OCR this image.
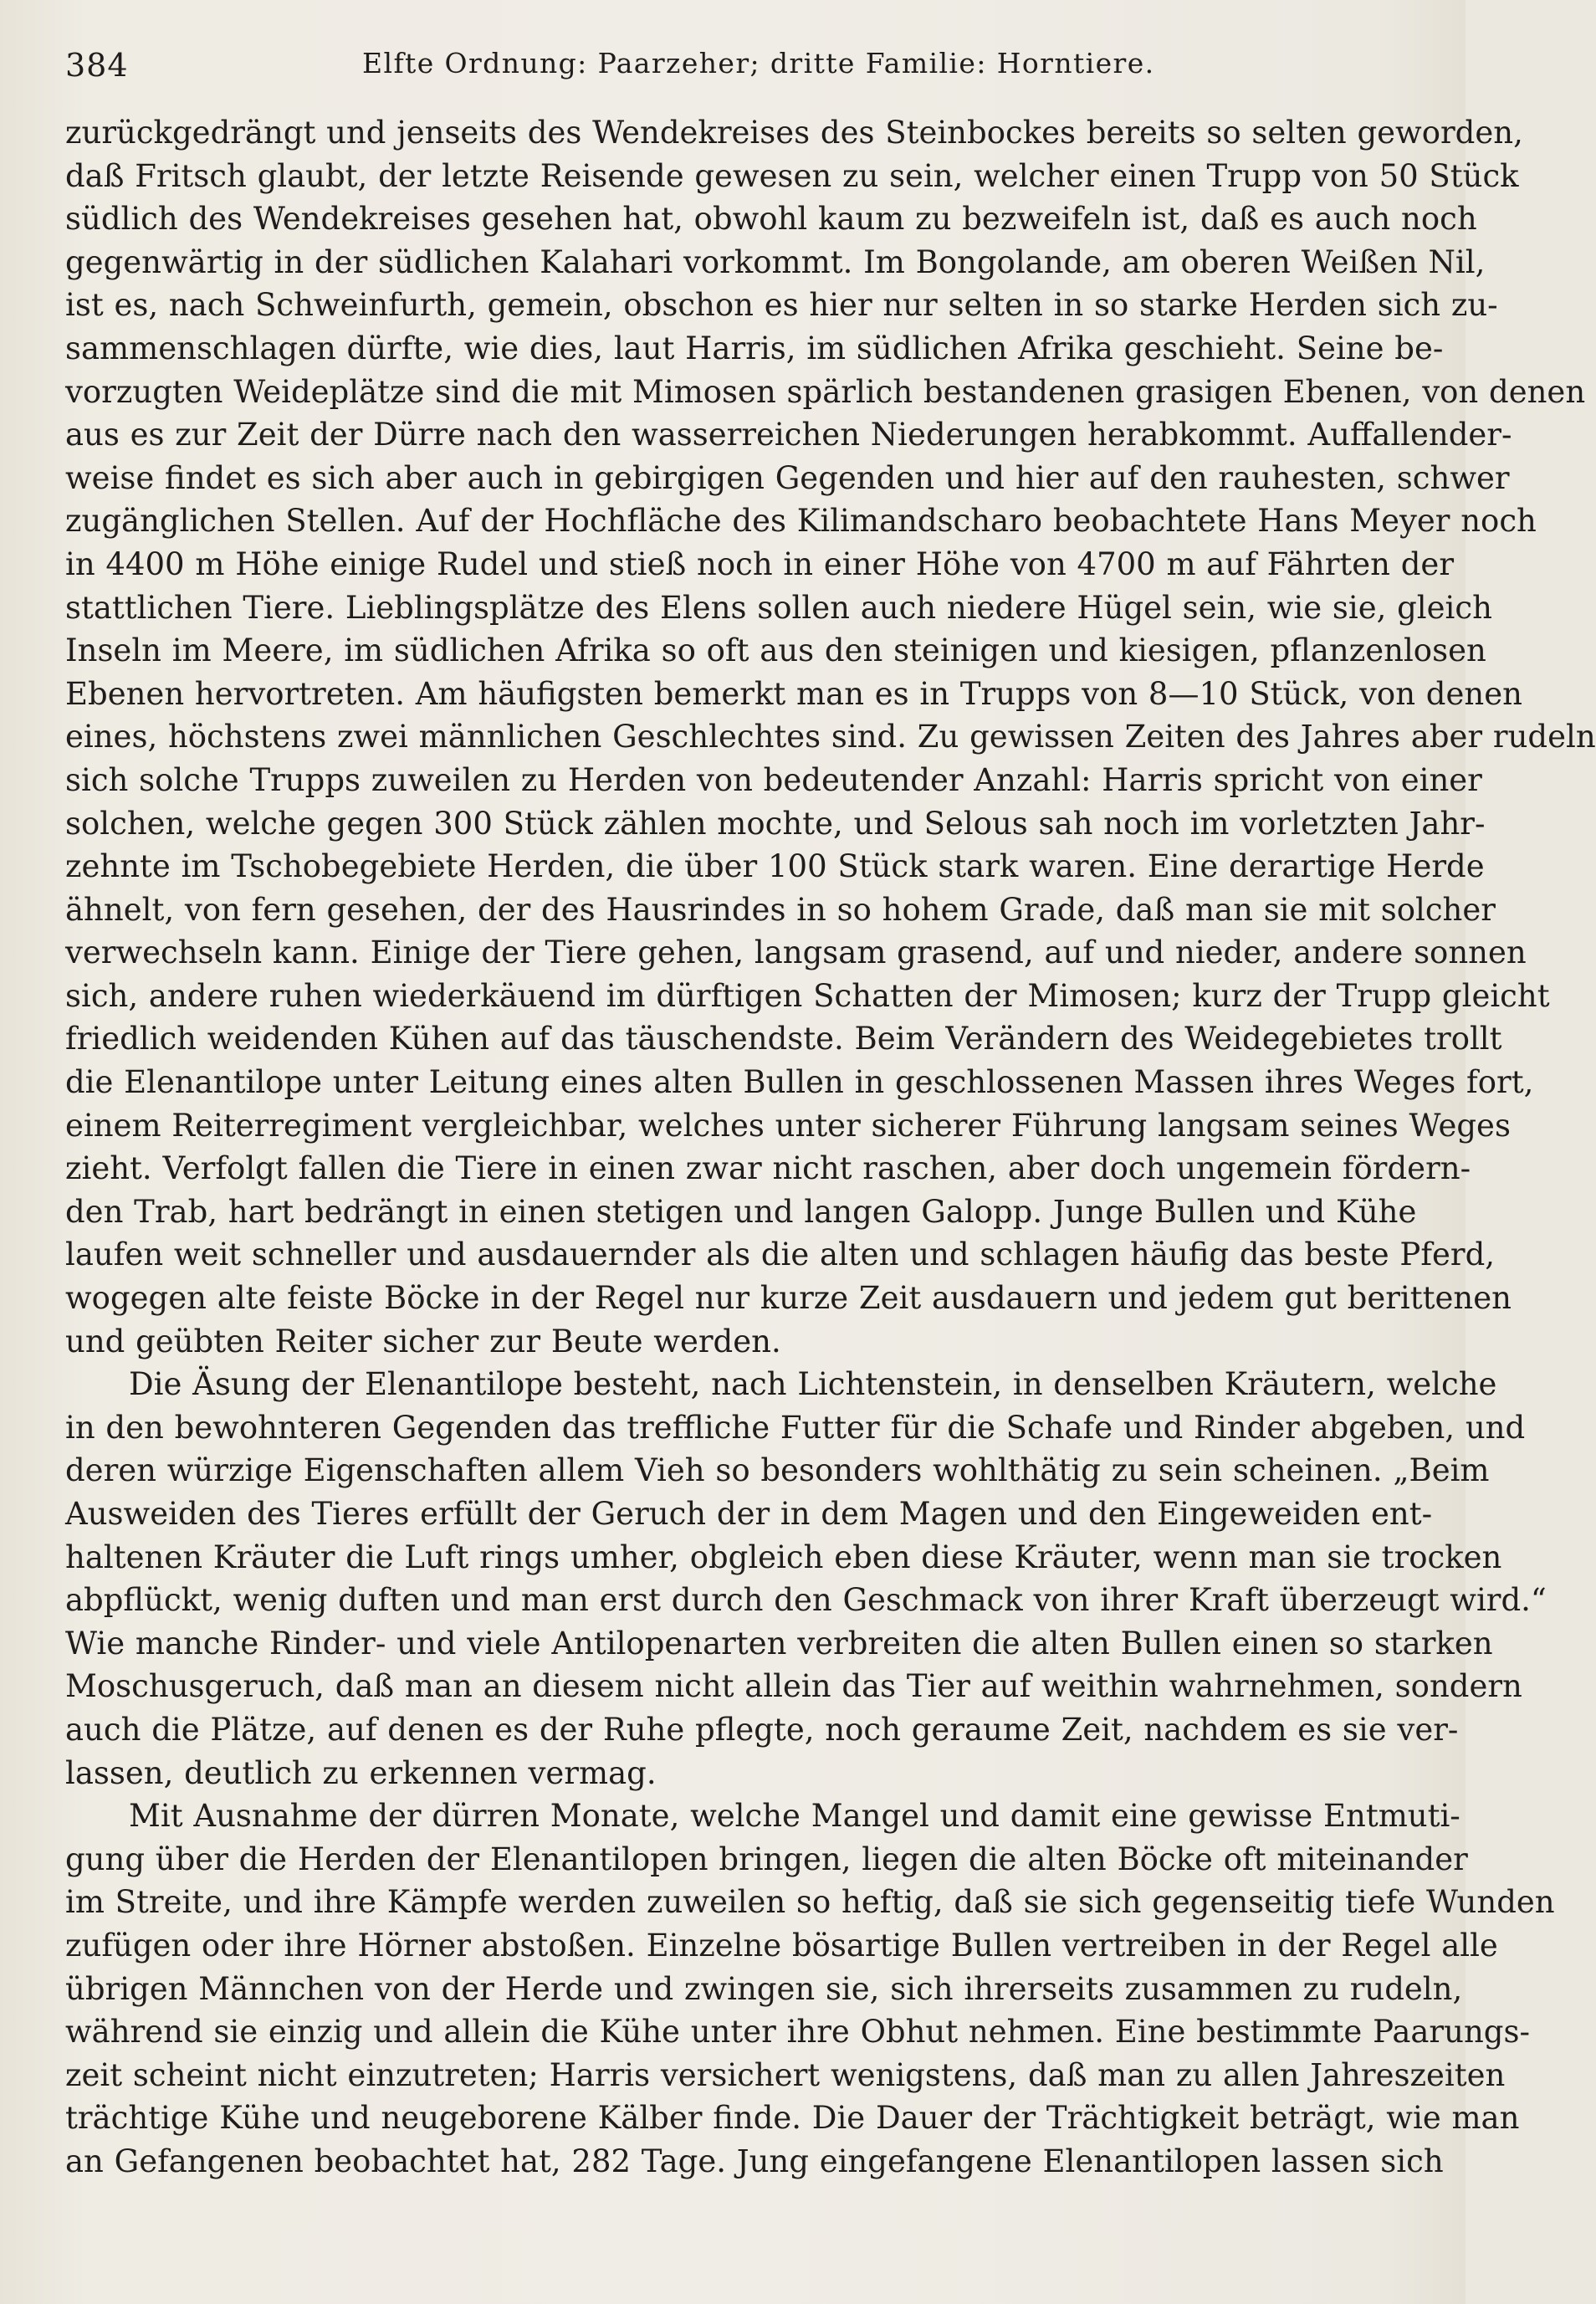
384	Elfte Ordnung: Paarzeher; dritte Familie: Horntiere.

zurückgedrängt und jenseits des Wendekreises des Steinbockes bereits so selten geworden,
daß Fritsch glaubt, der letzte Reisende gewesen zu sein, welcher einen Trupp von 50 Stück
südlich des Wendekreises gesehen hat, obwohl kaum zu bezweifeln ist, daß es auch noch
gegenwärtig in der südlichen Kalahari vorkommt. Im Bongolande, am oberen Weißen Nil,
ist es, nach Schweinfurth, gemein, obschon es hier nur selten in so starke Herden sich zu-
sammenschlagen dürfte, wie dies, laut Harris, im südlichen Afrika geschieht. Seine be-
vorzugten Weideplätze sind die mit Mimosen spärlich bestandenen grasigen Ebenen, von denen
aus es zur Zeit der Dürre nach den wasserreichen Niederungen herabkommt. Auffallender-
weise findet es sich aber auch in gebirgigen Gegenden und hier auf den rauhesten, schwer
zugänglichen Stellen. Auf der Hochfläche des Kilimandscharo beobachtete Hans Meyer noch
in 4400 m Höhe einige Rudel und stieß noch in einer Höhe von 4700 m auf Fährten der
stattlichen Tiere. Lieblingsplätze des Elens sollen auch niedere Hügel sein, wie sie, gleich
Inseln im Meere, im südlichen Afrika so oft aus den steinigen und kiesigen, pflanzenlosen
Ebenen hervortreten. Am häufigsten bemerkt man es in Trupps von 8—10 Stück, von denen
eines, höchstens zwei männlichen Geschlechtes sind. Zu gewissen Zeiten des Jahres aber rudeln
sich solche Trupps zuweilen zu Herden von bedeutender Anzahl: Harris spricht von einer
solchen, welche gegen 300 Stück zählen mochte, und Selous sah noch im vorletzten Jahr-
zehnte im Tschobegebiete Herden, die über 100 Stück stark waren. Eine derartige Herde
ähnelt, von fern gesehen, der des Hausrindes in so hohem Grade, daß man sie mit solcher
verwechseln kann. Einige der Tiere gehen, langsam grasend, auf und nieder, andere sonnen
sich, andere ruhen wiederkäuend im dürftigen Schatten der Mimosen; kurz der Trupp gleicht
friedlich weidenden Kühen auf das täuschendste. Beim Verändern des Weidegebietes trollt
die Elenantilope unter Leitung eines alten Bullen in geschlossenen Massen ihres Weges fort,
einem Reiterregiment vergleichbar, welches unter sicherer Führung langsam seines Weges
zieht. Verfolgt fallen die Tiere in einen zwar nicht raschen, aber doch ungemein fördern-
den Trab, hart bedrängt in einen stetigen und langen Galopp. Junge Bullen und Kühe
laufen weit schneller und ausdauernder als die alten und schlagen häufig das beste Pferd,
wogegen alte feiste Böcke in der Regel nur kurze Zeit ausdauern und jedem gut berittenen
und geübten Reiter sicher zur Beute werden.

Die Äsung der Elenantilope besteht, nach Lichtenstein, in denselben Kräutern, welche
in den bewohnteren Gegenden das treffliche Futter für die Schafe und Rinder abgeben, und
deren würzige Eigenschaften allem Vieh so besonders wohlthätig zu sein scheinen. „Beim
Ausweiden des Tieres erfüllt der Geruch der in dem Magen und den Eingeweiden ent-
haltenen Kräuter die Luft rings umher, obgleich eben diese Kräuter, wenn man sie trocken
abpflückt, wenig duften und man erst durch den Geschmack von ihrer Kraft überzeugt wird.“
Wie manche Rinder- und viele Antilopenarten verbreiten die alten Bullen einen so starken
Moschusgeruch, daß man an diesem nicht allein das Tier auf weithin wahrnehmen, sondern
auch die Plätze, auf denen es der Ruhe pflegte, noch geraume Zeit, nachdem es sie ver-
lassen, deutlich zu erkennen vermag.

Mit Ausnahme der dürren Monate, welche Mangel und damit eine gewisse Entmuti-
gung über die Herden der Elenantilopen bringen, liegen die alten Böcke oft miteinander
im Streite, und ihre Kämpfe werden zuweilen so heftig, daß sie sich gegenseitig tiefe Wunden
zufügen oder ihre Hörner abstoßen. Einzelne bösartige Bullen vertreiben in der Regel alle
übrigen Männchen von der Herde und zwingen sie, sich ihrerseits zusammen zu rudeln,
während sie einzig und allein die Kühe unter ihre Obhut nehmen. Eine bestimmte Paarungs-
zeit scheint nicht einzutreten; Harris versichert wenigstens, daß man zu allen Jahreszeiten
trächtige Kühe und neugeborene Kälber finde. Die Dauer der Trächtigkeit beträgt, wie man
an Gefangenen beobachtet hat, 282 Tage. Jung eingefangene Elenantilopen lassen sich
